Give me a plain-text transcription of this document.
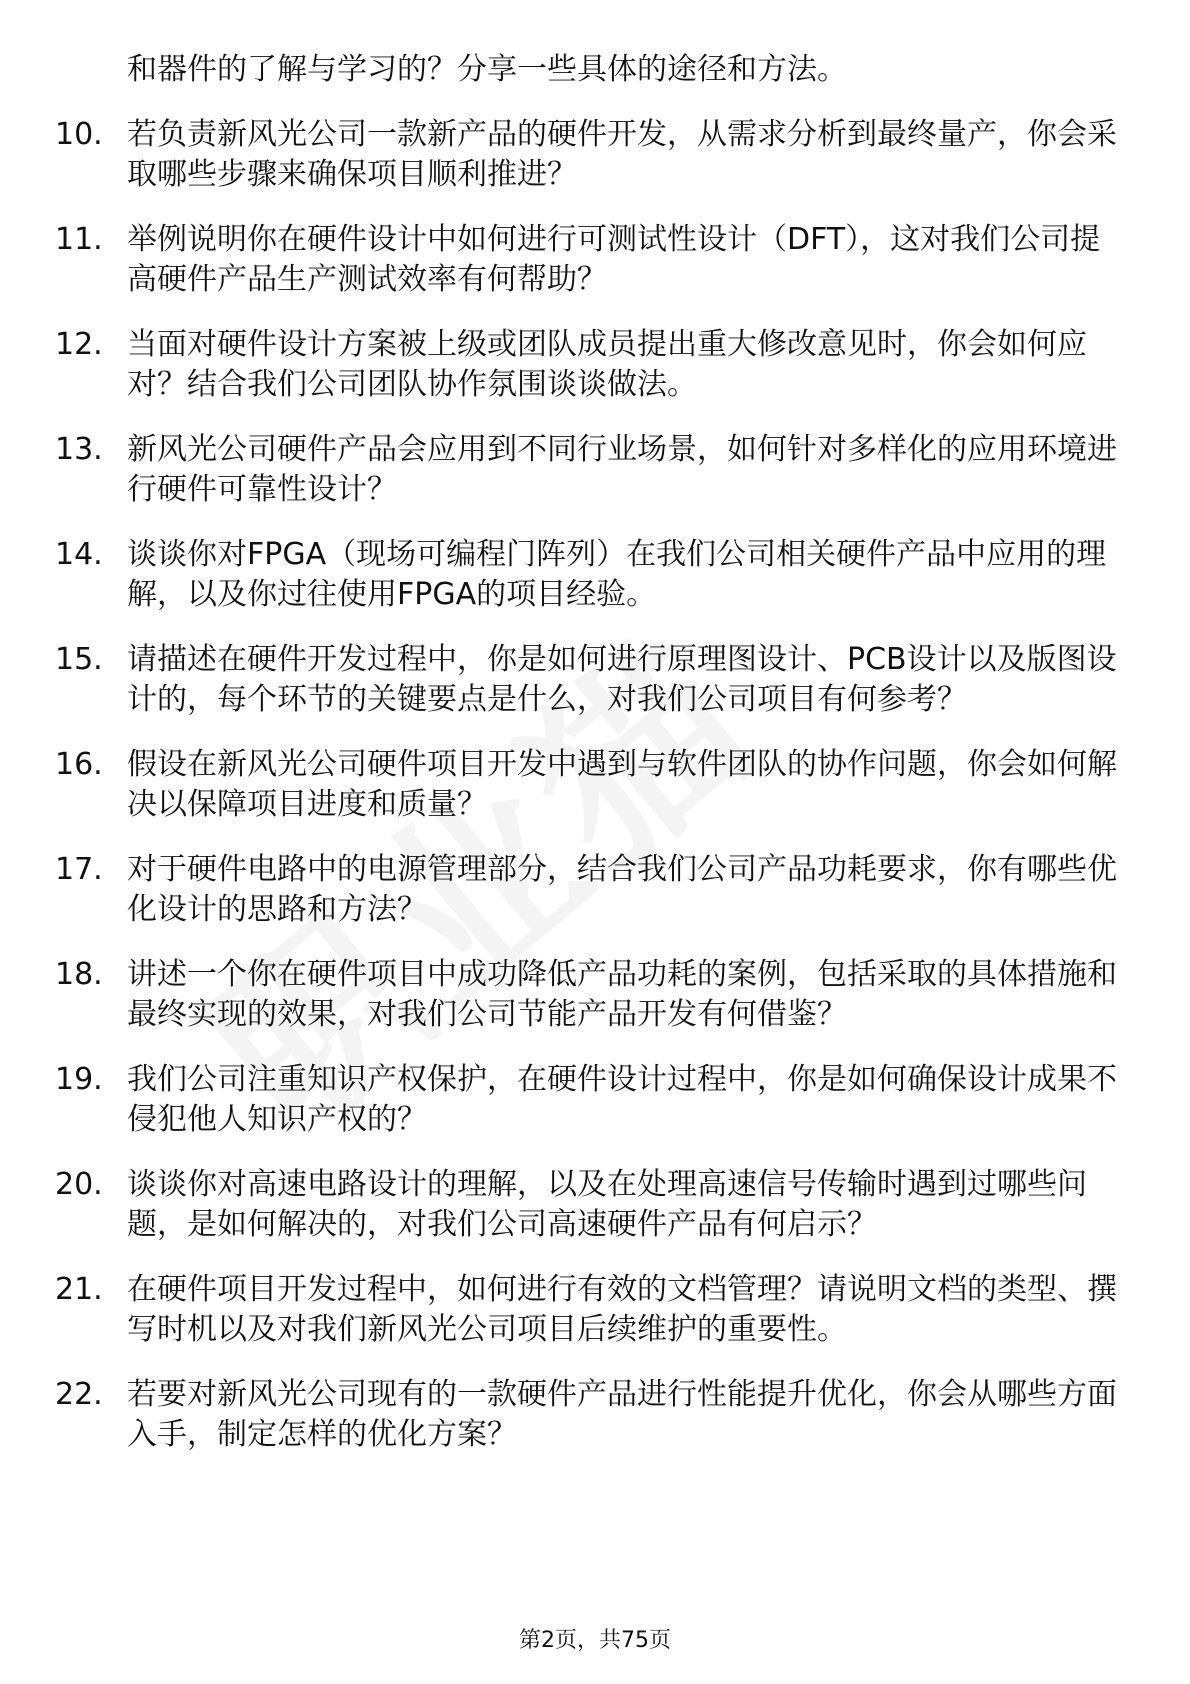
和器件的了解与学习的？分享一些具体的途径和方法。
10. 若负责新风光公司一款新产品的硬件开发，从需求分析到最终量产，你会采取哪些步骤来确保项目顺利推进？
11. 举例说明你在硬件设计中如何进行可测试性设计（DFT），这对我们公司提高硬件产品生产测试效率有何帮助？
12. 当面对硬件设计方案被上级或团队成员提出重大修改意见时，你会如何应对？结合我们公司团队协作氛围谈谈做法。
13. 新风光公司硬件产品会应用到不同行业场景，如何针对多样化的应用环境进行硬件可靠性设计？
14. 谈谈你对FPGA（现场可编程门阵列）在我们公司相关硬件产品中应用的理解，以及你过往使用FPGA的项目经验。
15. 请描述在硬件开发过程中，你是如何进行原理图设计、PCB设计以及版图设计的，每个环节的关键要点是什么，对我们公司项目有何参考？
16. 假设在新风光公司硬件项目开发中遇到与软件团队的协作问题，你会如何解决以保障项目进度和质量？
17. 对于硬件电路中的电源管理部分，结合我们公司产品功耗要求，你有哪些优化设计的思路和方法？
18. 讲述一个你在硬件项目中成功降低产品功耗的案例，包括采取的具体措施和最终实现的效果，对我们公司节能产品开发有何借鉴？
19. 我们公司注重知识产权保护，在硬件设计过程中，你是如何确保设计成果不侵犯他人知识产权的？
20. 谈谈你对高速电路设计的理解，以及在处理高速信号传输时遇到过哪些问题，是如何解决的，对我们公司高速硬件产品有何启示？
21. 在硬件项目开发过程中，如何进行有效的文档管理？请说明文档的类型、撰写时机以及对我们新风光公司项目后续维护的重要性。
22. 若要对新风光公司现有的一款硬件产品进行性能提升优化，你会从哪些方面入手，制定怎样的优化方案？
第2页，共75页
